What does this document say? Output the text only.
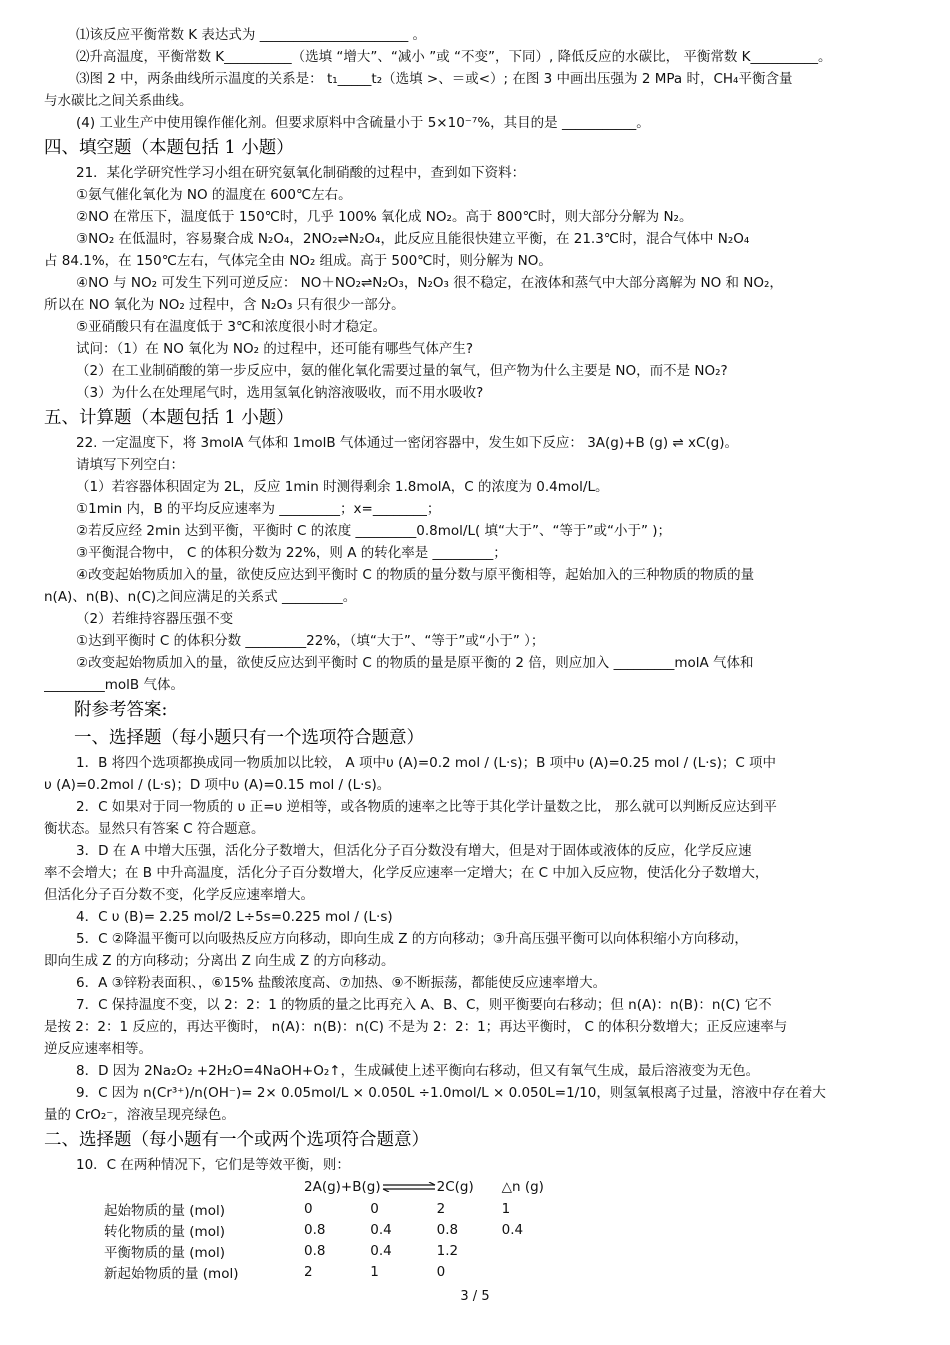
⑴该反应平衡常数 K 表达式为 ______________________ 。
⑵升高温度，平衡常数 K__________（选填 “增大”、“减小 ”或 “不变”，下同）, 降低反应的水碳比， 平衡常数 K__________。
⑶图 2 中，两条曲线所示温度的关系是： t₁_____t₂（选填 >、＝或<）; 在图 3 中画出压强为 2 MPa 时，CH₄平衡含量
与水碳比之间关系曲线。
(4) 工业生产中使用镍作催化剂。但要求原料中含硫量小于 5×10⁻⁷%，其目的是 ___________。
四、填空题（本题包括 1 小题）
21．某化学研究性学习小组在研究氨氧化制硝酸的过程中，查到如下资料：
①氨气催化氧化为 NO 的温度在 600℃左右。
②NO 在常压下，温度低于 150℃时，几乎 100% 氧化成 NO₂。高于 800℃时，则大部分分解为 N₂。
③NO₂ 在低温时，容易聚合成 N₂O₄，2NO₂⇌N₂O₄，此反应且能很快建立平衡，在 21.3℃时，混合气体中 N₂O₄
占 84.1%，在 150℃左右，气体完全由 NO₂ 组成。高于 500℃时，则分解为 NO。
④NO 与 NO₂ 可发生下列可逆反应： NO＋NO₂⇌N₂O₃，N₂O₃ 很不稳定，在液体和蒸气中大部分离解为 NO 和 NO₂，
所以在 NO 氧化为 NO₂ 过程中，含 N₂O₃ 只有很少一部分。
⑤亚硝酸只有在温度低于 3℃和浓度很小时才稳定。
试问：（1）在 NO 氧化为 NO₂ 的过程中，还可能有哪些气体产生?
（2）在工业制硝酸的第一步反应中，氨的催化氧化需要过量的氧气，但产物为什么主要是 NO，而不是 NO₂?
（3）为什么在处理尾气时，选用氢氧化钠溶液吸收，而不用水吸收?
五、计算题（本题包括 1 小题）
22. 一定温度下，将 3molA 气体和 1molB 气体通过一密闭容器中，发生如下反应： 3A(g)+B (g) ⇌ xC(g)。
请填写下列空白：
（1）若容器体积固定为 2L，反应 1min 时测得剩余 1.8molA，C 的浓度为 0.4mol/L。
①1min 内，B 的平均反应速率为 _________；x=________；
②若反应经 2min 达到平衡，平衡时 C 的浓度 _________0.8mol/L( 填“大于”、“等于”或“小于” )；
③平衡混合物中， C 的体积分数为 22%，则 A 的转化率是 _________；
④改变起始物质加入的量，欲使反应达到平衡时 C 的物质的量分数与原平衡相等，起始加入的三种物质的物质的量
n(A)、n(B)、n(C)之间应满足的关系式 _________。
（2）若维持容器压强不变
①达到平衡时 C 的体积分数 _________22%，（填“大于”、“等于”或“小于” ）；
②改变起始物质加入的量，欲使反应达到平衡时 C 的物质的量是原平衡的 2 倍，则应加入 _________molA 气体和
_________molB 气体。
附参考答案:
一、选择题（每小题只有一个选项符合题意）
1．B 将四个选项都换成同一物质加以比较， A 项中υ (A)=0.2 mol / (L·s)；B 项中υ (A)=0.25 mol / (L·s)；C 项中
υ (A)=0.2mol / (L·s)；D 项中υ (A)=0.15 mol / (L·s)。
2．C 如果对于同一物质的 υ 正=υ 逆相等，或各物质的速率之比等于其化学计量数之比， 那么就可以判断反应达到平
衡状态。显然只有答案 C 符合题意。
3．D 在 A 中增大压强，活化分子数增大，但活化分子百分数没有增大，但是对于固体或液体的反应，化学反应速
率不会增大；在 B 中升高温度，活化分子百分数增大，化学反应速率一定增大；在 C 中加入反应物，使活化分子数增大，
但活化分子百分数不变，化学反应速率增大。
4．C υ (B)= 2.25 mol/2 L÷5s=0.225 mol / (L·s)
5．C ②降温平衡可以向吸热反应方向移动，即向生成 Z 的方向移动；③升高压强平衡可以向体积缩小方向移动，
即向生成 Z 的方向移动；分离出 Z 向生成 Z 的方向移动。
6．A ③锌粉表面积、，⑥15% 盐酸浓度高、⑦加热、⑨不断振荡，都能使反应速率增大。
7．C 保持温度不变，以 2：2：1 的物质的量之比再充入 A、B、C，则平衡要向右移动；但 n(A)：n(B)：n(C) 它不
是按 2：2：1 反应的，再达平衡时， n(A)：n(B)：n(C) 不是为 2：2：1；再达平衡时， C 的体积分数增大；正反应速率与
逆反应速率相等。
8．D 因为 2Na₂O₂ +2H₂O=4NaOH+O₂↑，生成碱使上述平衡向右移动，但又有氧气生成，最后溶液变为无色。
9．C 因为 n(Cr³⁺)/n(OH⁻)= 2× 0.05mol/L × 0.050L ÷1.0mol/L × 0.050L=1/10，则氢氧根离子过量，溶液中存在着大
量的 CrO₂⁻，溶液呈现亮绿色。
二、选择题（每小题有一个或两个选项符合题意）
10．C 在两种情况下，它们是等效平衡，则：
	2A(g)+B(g)		2C(g)	△n (g)
起始物质的量 (mol)	0	0	2	1
转化物质的量 (mol)	0.8	0.4	0.8	0.4
平衡物质的量 (mol)	0.8	0.4	1.2	
新起始物质的量 (mol)	2	1	0	
3 / 5
